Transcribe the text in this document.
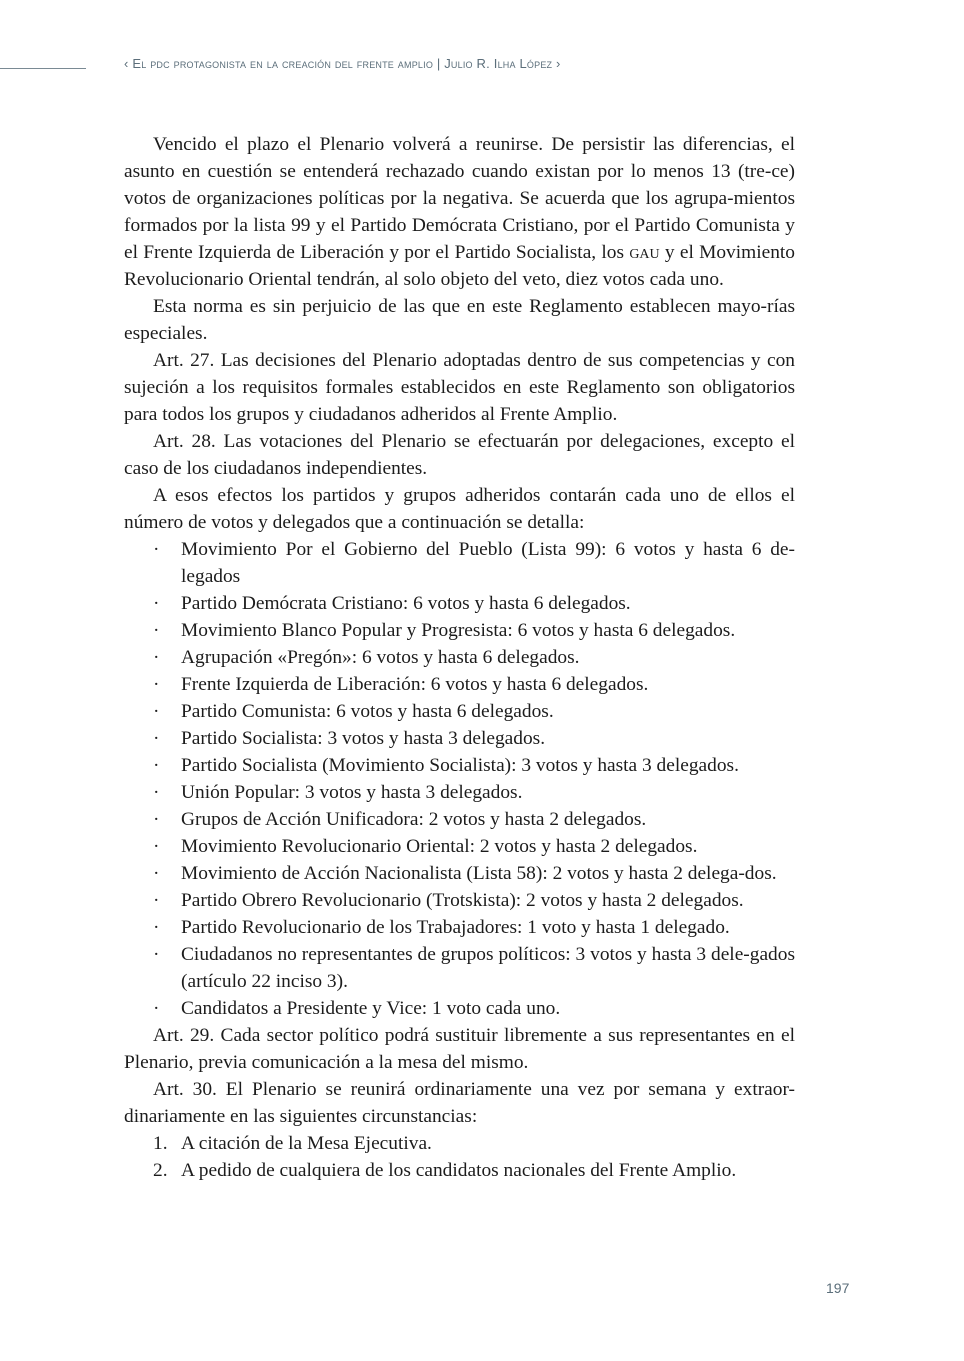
‹ El pdc protagonista en la creación del frente amplio | Julio R. Ilha López ›

Vencido el plazo el Plenario volverá a reunirse. De persistir las diferencias, el asunto en cuestión se entenderá rechazado cuando existan por lo menos 13 (tre-ce) votos de organizaciones políticas por la negativa. Se acuerda que los agrupa-mientos formados por la lista 99 y el Partido Demócrata Cristiano, por el Partido Comunista y el Frente Izquierda de Liberación y por el Partido Socialista, los gau y el Movimiento Revolucionario Oriental tendrán, al solo objeto del veto, diez votos cada uno.

Esta norma es sin perjuicio de las que en este Reglamento establecen mayo-rías especiales.

Art. 27. Las decisiones del Plenario adoptadas dentro de sus competencias y con sujeción a los requisitos formales establecidos en este Reglamento son obligatorios para todos los grupos y ciudadanos adheridos al Frente Amplio.

Art. 28. Las votaciones del Plenario se efectuarán por delegaciones, excepto el caso de los ciudadanos independientes.

A esos efectos los partidos y grupos adheridos contarán cada uno de ellos el número de votos y delegados que a continuación se detalla:

·	Movimiento Por el Gobierno del Pueblo (Lista 99): 6 votos y hasta 6 de-legados
·	Partido Demócrata Cristiano: 6 votos y hasta 6 delegados.
·	Movimiento Blanco Popular y Progresista: 6 votos y hasta 6 delegados.
·	Agrupación «Pregón»: 6 votos y hasta 6 delegados.
·	Frente Izquierda de Liberación: 6 votos y hasta 6 delegados.
·	Partido Comunista: 6 votos y hasta 6 delegados.
·	Partido Socialista: 3 votos y hasta 3 delegados.
·	Partido Socialista (Movimiento Socialista): 3 votos y hasta 3 delegados.
·	Unión Popular: 3 votos y hasta 3 delegados.
·	Grupos de Acción Unificadora: 2 votos y hasta 2 delegados.
·	Movimiento Revolucionario Oriental: 2 votos y hasta 2 delegados.
·	Movimiento de Acción Nacionalista (Lista 58): 2 votos y hasta 2 delega-dos.
·	Partido Obrero Revolucionario (Trotskista): 2 votos y hasta 2 delegados.
·	Partido Revolucionario de los Trabajadores: 1 voto y hasta 1 delegado.
·	Ciudadanos no representantes de grupos políticos: 3 votos y hasta 3 dele-gados (artículo 22 inciso 3).
·	Candidatos a Presidente y Vice: 1 voto cada uno.

Art. 29. Cada sector político podrá sustituir libremente a sus representantes en el Plenario, previa comunicación a la mesa del mismo.

Art. 30. El Plenario se reunirá ordinariamente una vez por semana y extraor-dinariamente en las siguientes circunstancias:

1. A citación de la Mesa Ejecutiva.
2. A pedido de cualquiera de los candidatos nacionales del Frente Amplio.
197
